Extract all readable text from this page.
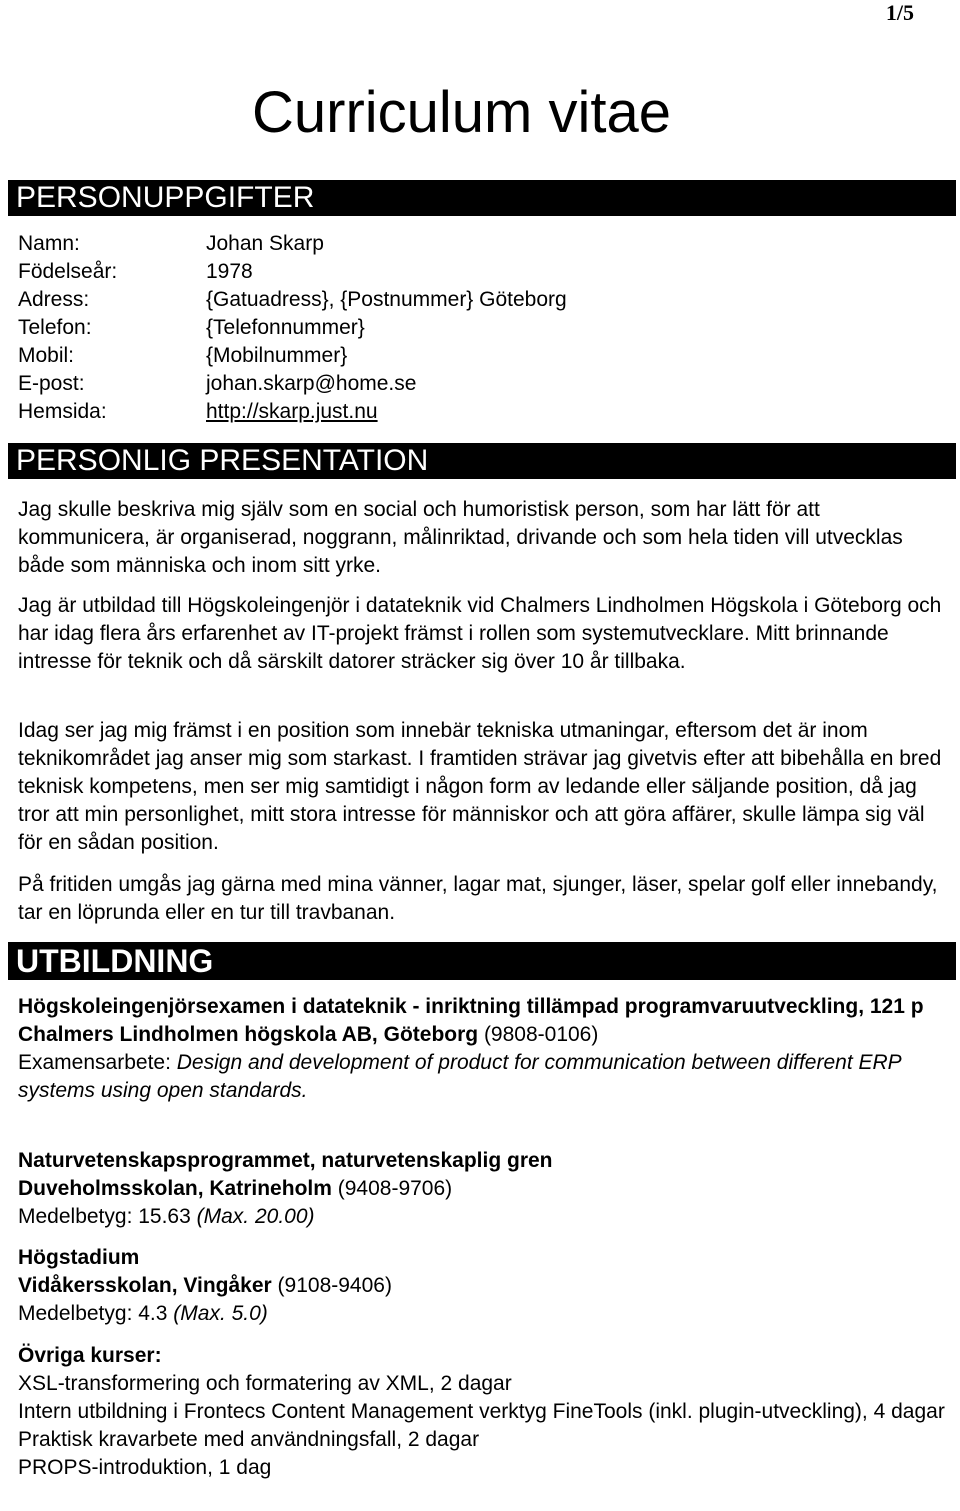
1/5
Curriculum vitae
PERSONUPPGIFTER
Namn:	Johan Skarp
Födelseår:	1978
Adress:	{Gatuadress}, {Postnummer} Göteborg
Telefon:	{Telefonnummer}
Mobil:	{Mobilnummer}
E-post:	johan.skarp@home.se
Hemsida:	http://skarp.just.nu
PERSONLIG PRESENTATION

Jag skulle beskriva mig själv som en social och humoristisk person, som har lätt för att kommunicera, är organiserad, noggrann, målinriktad, drivande och som hela tiden vill utvecklas både som människa och inom sitt yrke.

Jag är utbildad till Högskoleingenjör i datateknik vid Chalmers Lindholmen Högskola i Göteborg och har idag flera års erfarenhet av IT-projekt främst i rollen som systemutvecklare. Mitt brinnande intresse för teknik och då särskilt datorer sträcker sig över 10 år tillbaka.

Idag ser jag mig främst i en position som innebär tekniska utmaningar, eftersom det är inom teknikområdet jag anser mig som starkast. I framtiden strävar jag givetvis efter att bibehålla en bred teknisk kompetens, men ser mig samtidigt i någon form av ledande eller säljande position, då jag tror att min personlighet, mitt stora intresse för människor och att göra affärer, skulle lämpa sig väl för en sådan position.

På fritiden umgås jag gärna med mina vänner, lagar mat, sjunger, läser, spelar golf eller innebandy, tar en löprunda eller en tur till travbanan.

UTBILDNING
Högskoleingenjörsexamen i datateknik - inriktning tillämpad programvaruutveckling, 121 p
Chalmers Lindholmen högskola AB, Göteborg (9808-0106)
Examensarbete: Design and development of product for communication between different ERP systems using open standards.
Naturvetenskapsprogrammet, naturvetenskaplig gren
Duveholmsskolan, Katrineholm (9408-9706)
Medelbetyg: 15.63 (Max. 20.00)
Högstadium
Vidåkersskolan, Vingåker (9108-9406)
Medelbetyg: 4.3 (Max. 5.0)
Övriga kurser:
XSL-transformering och formatering av XML, 2 dagar
Intern utbildning i Frontecs Content Management verktyg FineTools (inkl. plugin-utveckling), 4 dagar
Praktisk kravarbete med användningsfall, 2 dagar
PROPS-introduktion, 1 dag
